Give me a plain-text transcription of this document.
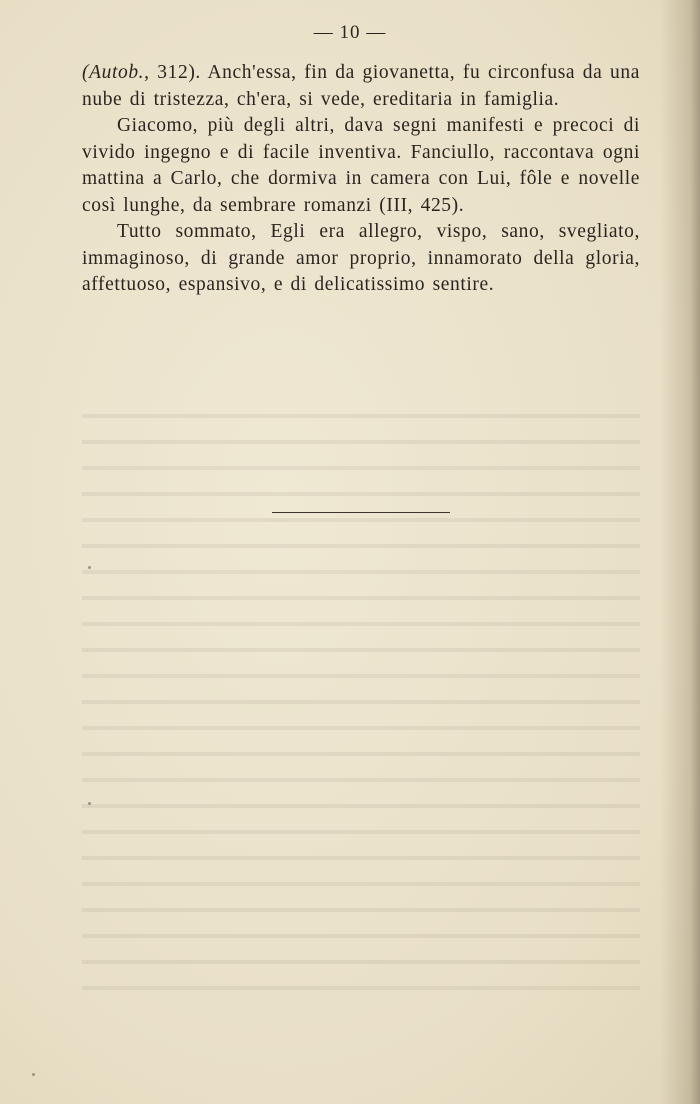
— 10 —

(Autob., 312). Anch'essa, fin da giovanetta, fu circonfusa da una nube di tristezza, ch'era, si vede, ereditaria in famiglia.

Giacomo, più degli altri, dava segni manifesti e precoci di vivido ingegno e di facile inventiva. Fanciullo, raccontava ogni mattina a Carlo, che dormiva in camera con Lui, fôle e novelle così lunghe, da sembrare romanzi (III, 425).

Tutto sommato, Egli era allegro, vispo, sano, svegliato, immaginoso, di grande amor proprio, innamorato della gloria, affettuoso, espansivo, e di delicatissimo sentire.
